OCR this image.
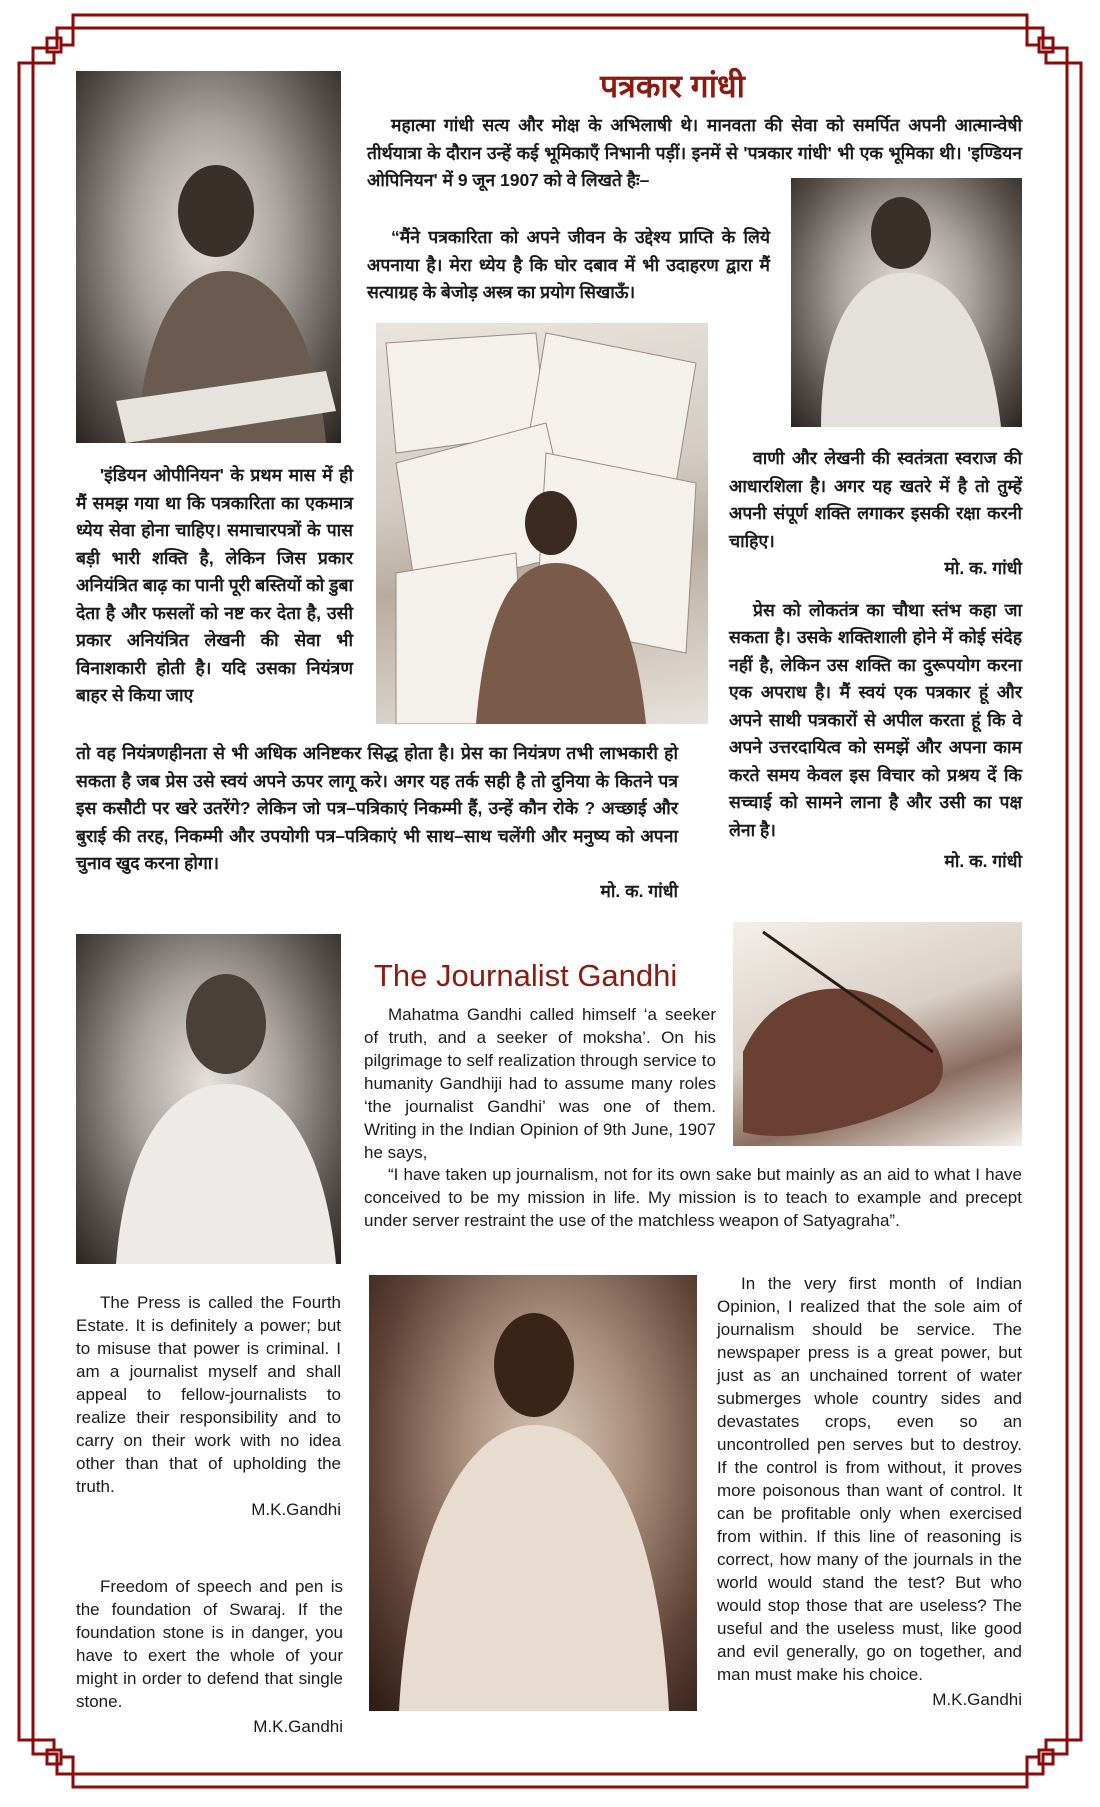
पत्रकार गांधी
महात्मा गांधी सत्य और मोक्ष के अभिलाषी थे। मानवता की सेवा को समर्पित अपनी आत्मान्वेषी तीर्थयात्रा के दौरान उन्हें कई भूमिकाएँ निभानी पड़ीं। इनमें से 'पत्रकार गांधी' भी एक भूमिका थी। 'इण्डियन ओपिनियन' में 9 जून 1907 को वे लिखते हैः–
“मैंने पत्रकारिता को अपने जीवन के उद्देश्य प्राप्ति के लिये अपनाया है। मेरा ध्येय है कि घोर दबाव में भी उदाहरण द्वारा मैं सत्याग्रह के बेजोड़ अस्त्र का प्रयोग सिखाऊँ।
'इंडियन ओपीनियन' के प्रथम मास में ही मैं समझ गया था कि पत्रकारिता का एकमात्र ध्येय सेवा होना चाहिए। समाचारपत्रों के पास बड़ी भारी शक्ति है, लेकिन जिस प्रकार अनियंत्रित बाढ़ का पानी पूरी बस्तियों को डुबा देता है और फसलों को नष्ट कर देता है, उसी प्रकार अनियंत्रित लेखनी की सेवा भी विनाशकारी होती है। यदि उसका नियंत्रण बाहर से किया जाए
तो वह नियंत्रणहीनता से भी अधिक अनिष्टकर सिद्ध होता है। प्रेस का नियंत्रण तभी लाभकारी हो सकता है जब प्रेस उसे स्वयं अपने ऊपर लागू करे। अगर यह तर्क सही है तो दुनिया के कितने पत्र इस कसौटी पर खरे उतरेंगे? लेकिन जो पत्र–पत्रिकाएं निकम्मी हैं, उन्हें कौन रोके ? अच्छाई और बुराई की तरह, निकम्मी और उपयोगी पत्र–पत्रिकाएं भी साथ–साथ चलेंगी और मनुष्य को अपना चुनाव खुद करना होगा।
मो. क. गांधी
वाणी और लेखनी की स्वतंत्रता स्वराज की आधारशिला है। अगर यह खतरे में है तो तुम्हें अपनी संपूर्ण शक्ति लगाकर इसकी रक्षा करनी चाहिए।
मो. क. गांधी
प्रेस को लोकतंत्र का चौथा स्तंभ कहा जा सकता है। उसके शक्तिशाली होने में कोई संदेह नहीं है, लेकिन उस शक्ति का दुरूपयोग करना एक अपराध है। मैं स्वयं एक पत्रकार हूं और अपने साथी पत्रकारों से अपील करता हूं कि वे अपने उत्तरदायित्व को समझें और अपना काम करते समय केवल इस विचार को प्रश्रय दें कि सच्चाई को सामने लाना है और उसी का पक्ष लेना है।
मो. क. गांधी
The Journalist Gandhi
Mahatma Gandhi called himself ‘a seeker of truth, and a seeker of moksha’. On his pilgrimage to self realization through service to humanity Gandhiji had to assume many roles ‘the journalist Gandhi’ was one of them. Writing in the Indian Opinion of 9th June, 1907 he says,
“I have taken up journalism, not for its own sake but mainly as an aid to what I have conceived to be my mission in life. My mission is to teach to example and precept under server restraint the use of the matchless weapon of Satyagraha”.
The Press is called the Fourth Estate. It is definitely a power; but to misuse that power is criminal. I am a journalist myself and shall appeal to fellow-journalists to realize their responsibility and to carry on their work with no idea other than that of upholding the truth.
M.K.Gandhi
Freedom of speech and pen is the foundation of Swaraj. If the foundation stone is in danger, you have to exert the whole of your might in order to defend that single stone.
M.K.Gandhi
In the very first month of Indian Opinion, I realized that the sole aim of journalism should be service. The newspaper press is a great power, but just as an unchained torrent of water submerges whole country sides and devastates crops, even so an uncontrolled pen serves but to destroy. If the control is from without, it proves more poisonous than want of control. It can be profitable only when exercised from within. If this line of reasoning is correct, how many of the journals in the world would stand the test? But who would stop those that are useless? The useful and the useless must, like good and evil generally, go on together, and man must make his choice.
M.K.Gandhi
